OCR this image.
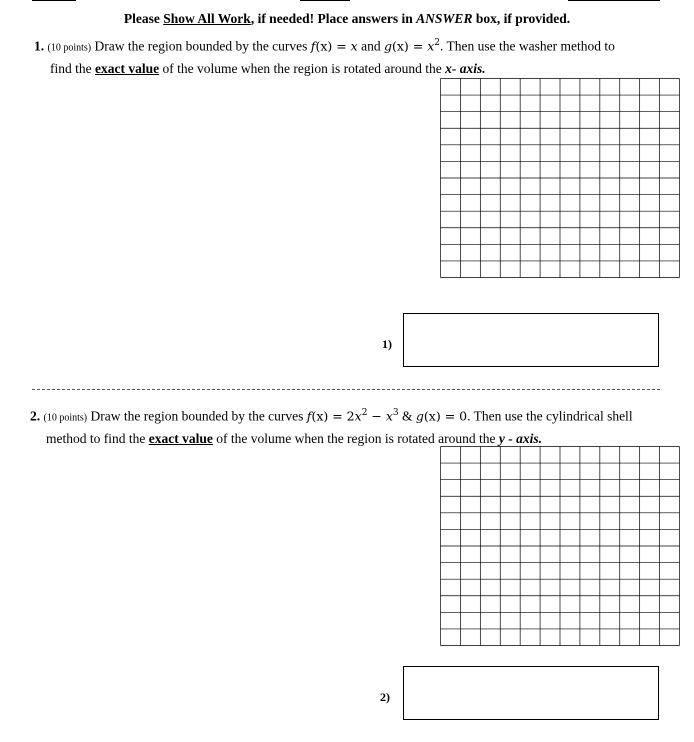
Please Show All Work, if needed! Place answers in ANSWER box, if provided.
1. (10 points) Draw the region bounded by the curves f(x) = x and $g(x) = x^2$. Then use the washer method to
find the exact value of the volume when the region is rotated around the x- axis.
1)
2. (10 points) Draw the region bounded by the curves $f(x) = 2x^2 - x^3$ & g(x) = 0. Then use the cylindrical shell
method to find the exact value of the volume when the region is rotated around the y - axis.
2)
